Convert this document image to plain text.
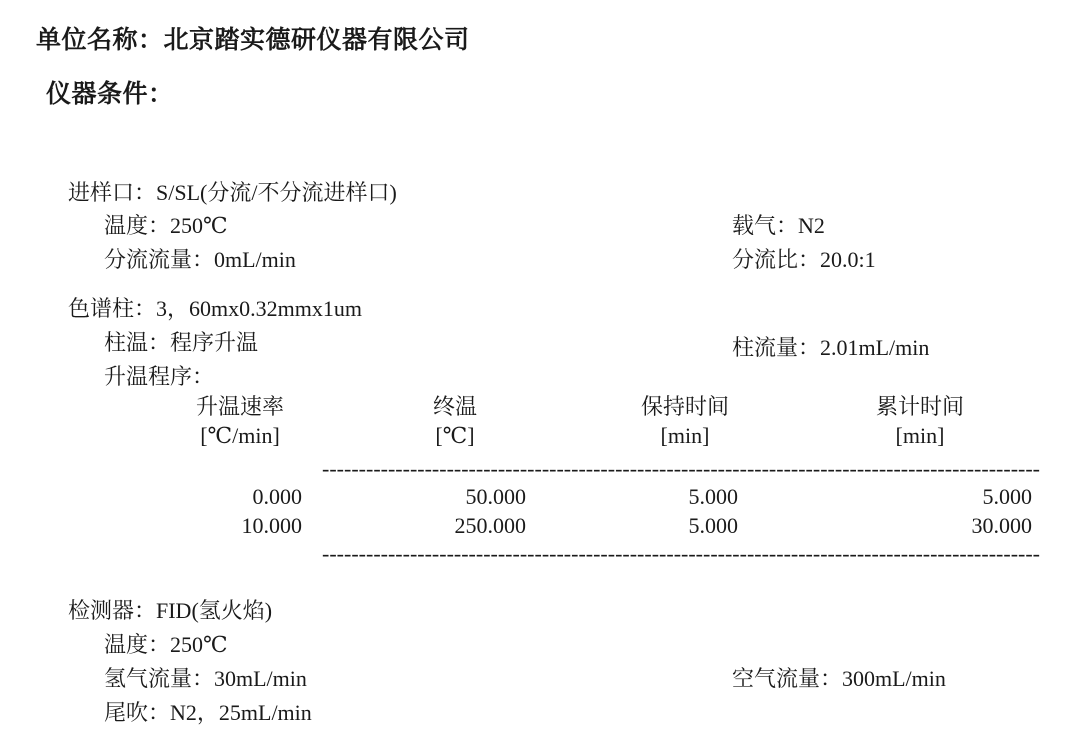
单位名称：北京踏实德研仪器有限公司
仪器条件：
进样口：S/SL(分流/不分流进样口)
温度：250℃	载气：N2
分流流量：0mL/min	分流比：20.0:1
色谱柱：3，60mx0.32mmx1um
柱温：程序升温	柱流量：2.01mL/min
升温程序：
升温速率	终温	保持时间	累计时间
[℃/min]	[℃]	[min]	[min]

--------------------------------------------------------------------------------------------------			

0.000	50.000	5.000	5.000
10.000	250.000	5.000	30.000

--------------------------------------------------------------------------------------------------			
检测器：FID(氢火焰)
温度：250℃
氢气流量：30mL/min	空气流量：300mL/min
尾吹：N2，25mL/min
